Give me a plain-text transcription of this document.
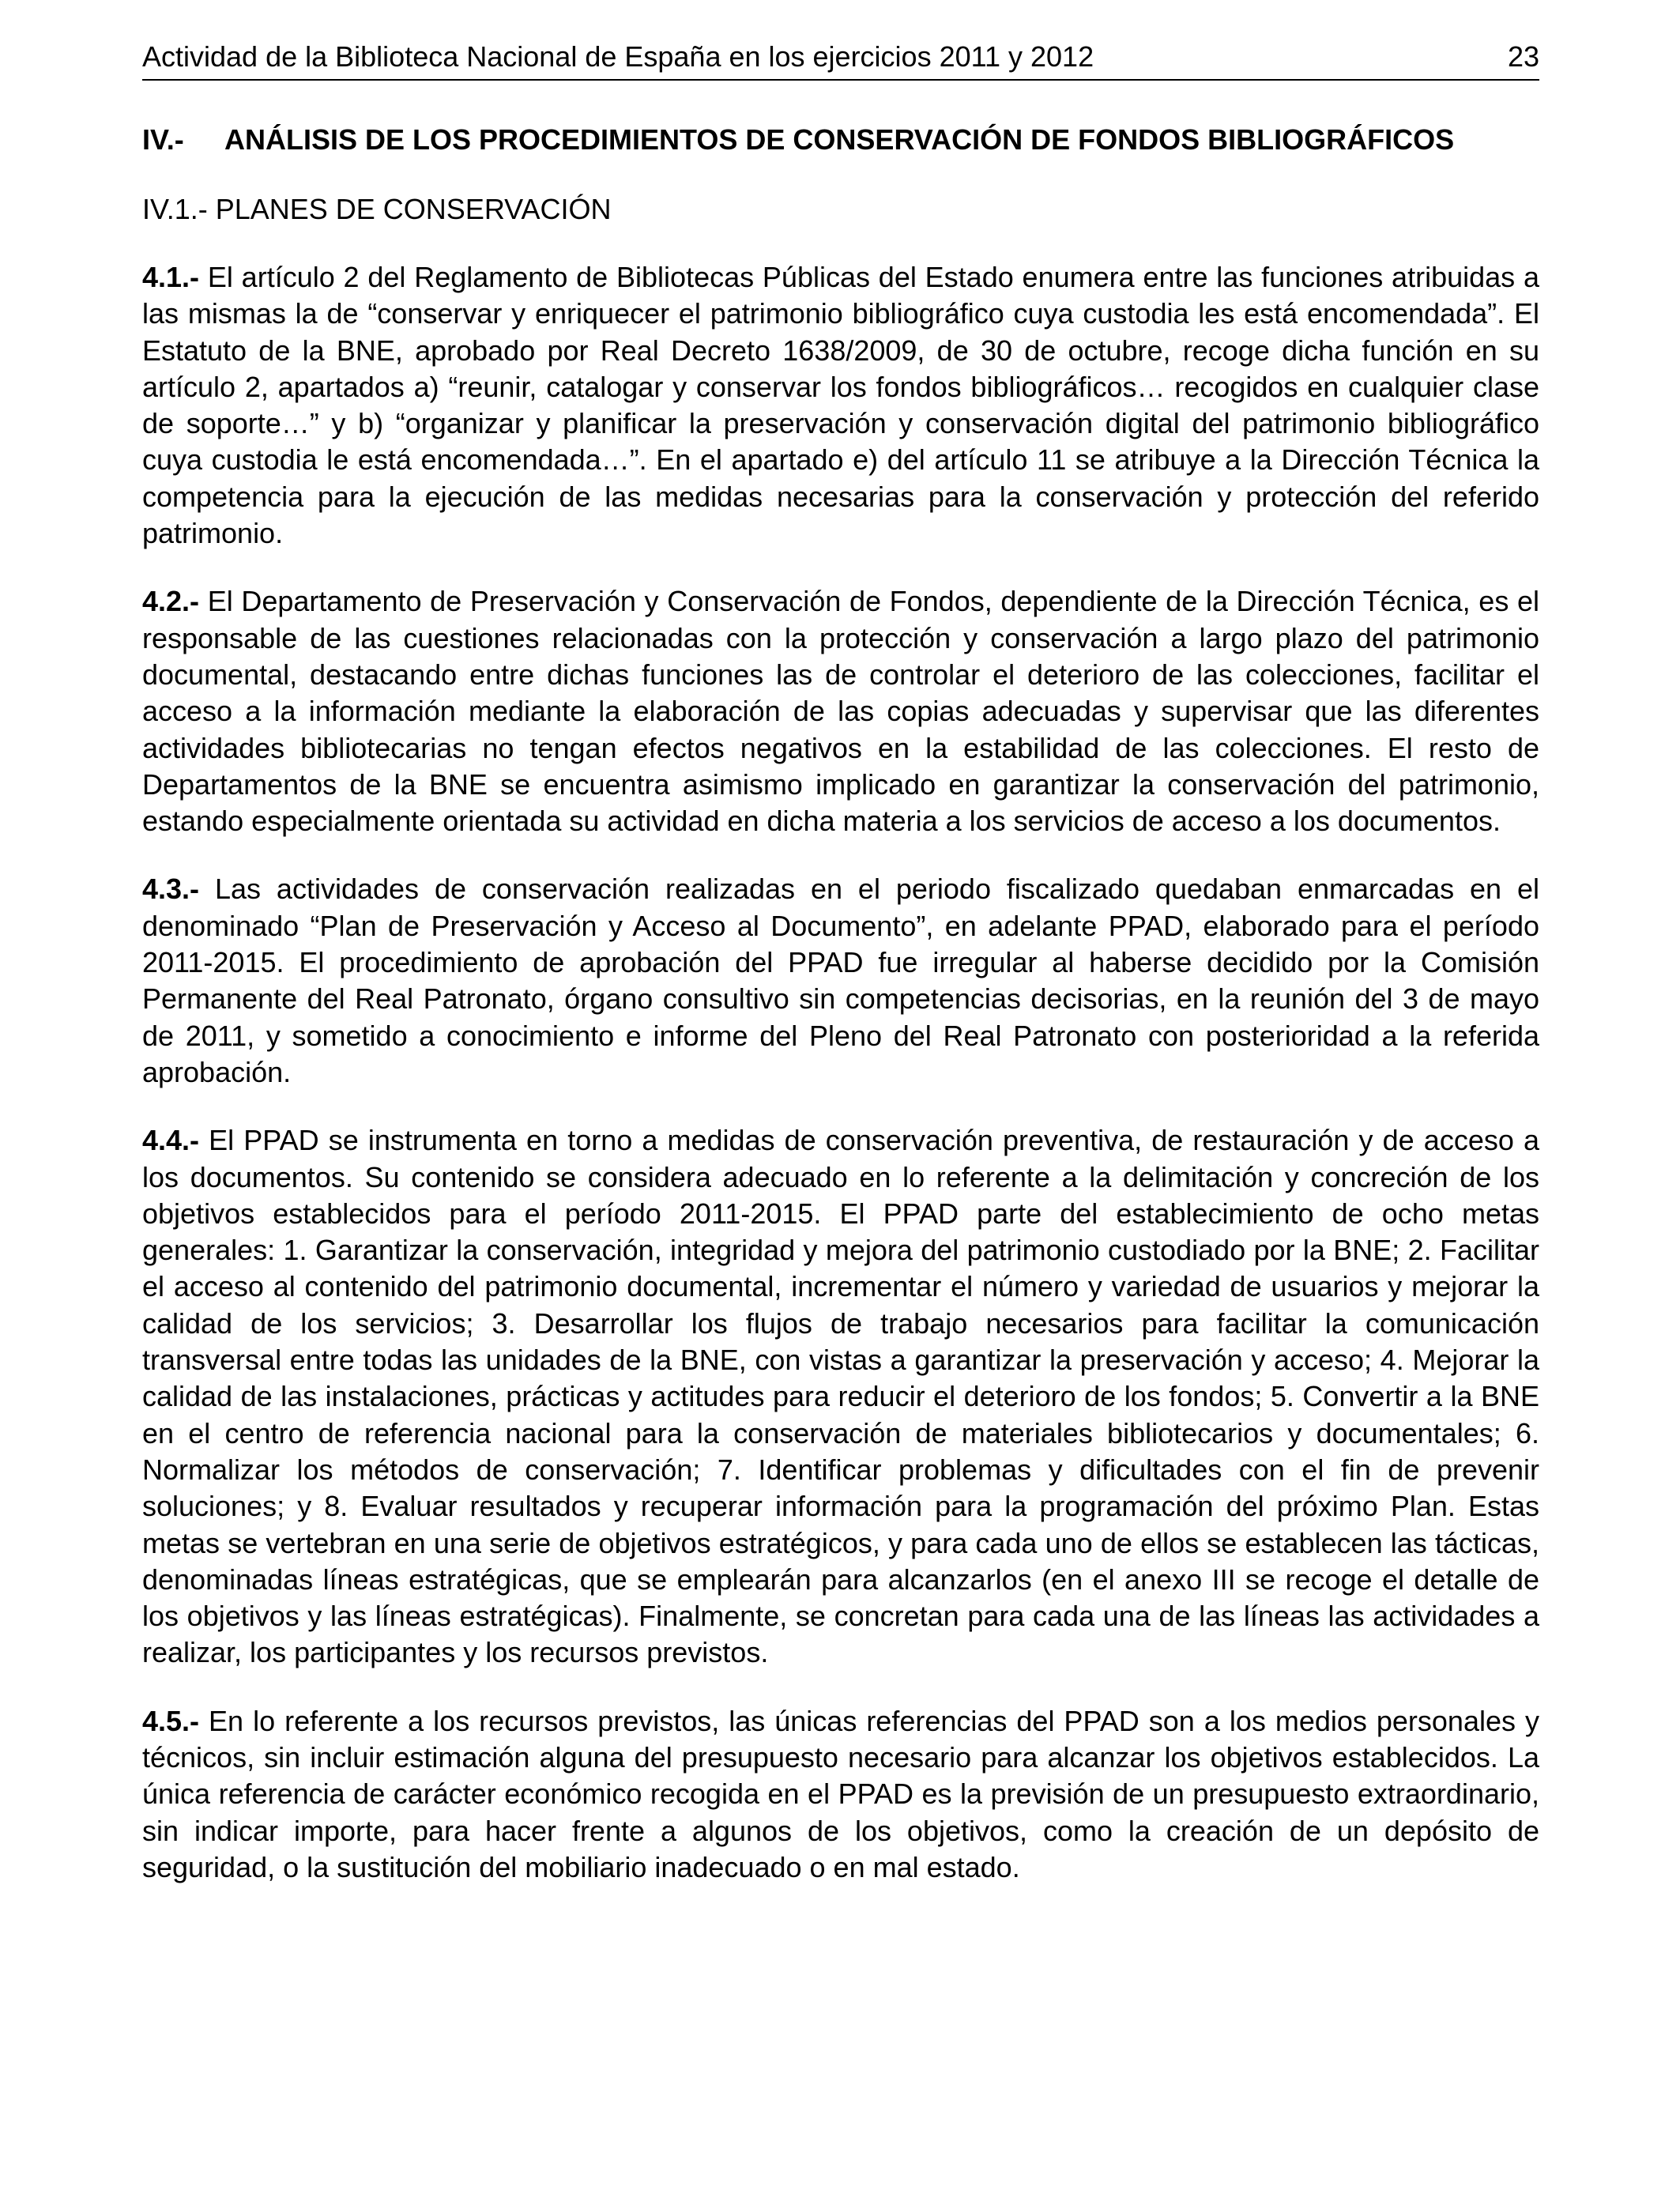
Actividad de la Biblioteca Nacional de España en los ejercicios 2011 y 2012	23
IV.-	ANÁLISIS DE LOS PROCEDIMIENTOS DE CONSERVACIÓN DE FONDOS BIBLIOGRÁFICOS
IV.1.- PLANES DE CONSERVACIÓN

4.1.- El artículo 2 del Reglamento de Bibliotecas Públicas del Estado enumera entre las funciones atribuidas a las mismas la de “conservar y enriquecer el patrimonio bibliográfico cuya custodia les está encomendada”. El Estatuto de la BNE, aprobado por Real Decreto 1638/2009, de 30 de octubre, recoge dicha función en su artículo 2, apartados a) “reunir, catalogar y conservar los fondos bibliográficos… recogidos en cualquier clase de soporte…” y b) “organizar y planificar la preservación y conservación digital del patrimonio bibliográfico cuya custodia le está encomendada…”. En el apartado e) del artículo 11 se atribuye a la Dirección Técnica la competencia para la ejecución de las medidas necesarias para la conservación y protección del referido patrimonio.

4.2.- El Departamento de Preservación y Conservación de Fondos, dependiente de la Dirección Técnica, es el responsable de las cuestiones relacionadas con la protección y conservación a largo plazo del patrimonio documental, destacando entre dichas funciones las de controlar el deterioro de las colecciones, facilitar el acceso a la información mediante la elaboración de las copias adecuadas y supervisar que las diferentes actividades bibliotecarias no tengan efectos negativos en la estabilidad de las colecciones. El resto de Departamentos de la BNE se encuentra asimismo implicado en garantizar la conservación del patrimonio, estando especialmente orientada su actividad en dicha materia a los servicios de acceso a los documentos.

4.3.- Las actividades de conservación realizadas en el periodo fiscalizado quedaban enmarcadas en el denominado “Plan de Preservación y Acceso al Documento”, en adelante PPAD, elaborado para el período 2011-2015. El procedimiento de aprobación del PPAD fue irregular al haberse decidido por la Comisión Permanente del Real Patronato, órgano consultivo sin competencias decisorias, en la reunión del 3 de mayo de 2011, y sometido a conocimiento e informe del Pleno del Real Patronato con posterioridad a la referida aprobación.

4.4.- El PPAD se instrumenta en torno a medidas de conservación preventiva, de restauración y de acceso a los documentos. Su contenido se considera adecuado en lo referente a la delimitación y concreción de los objetivos establecidos para el período 2011-2015. El PPAD parte del establecimiento de ocho metas generales: 1. Garantizar la conservación, integridad y mejora del patrimonio custodiado por la BNE; 2. Facilitar el acceso al contenido del patrimonio documental, incrementar el número y variedad de usuarios y mejorar la calidad de los servicios; 3. Desarrollar los flujos de trabajo necesarios para facilitar la comunicación transversal entre todas las unidades de la BNE, con vistas a garantizar la preservación y acceso; 4. Mejorar la calidad de las instalaciones, prácticas y actitudes para reducir el deterioro de los fondos; 5. Convertir a la BNE en el centro de referencia nacional para la conservación de materiales bibliotecarios y documentales; 6. Normalizar los métodos de conservación; 7. Identificar problemas y dificultades con el fin de prevenir soluciones; y 8. Evaluar resultados y recuperar información para la programación del próximo Plan. Estas metas se vertebran en una serie de objetivos estratégicos, y para cada uno de ellos se establecen las tácticas, denominadas líneas estratégicas, que se emplearán para alcanzarlos (en el anexo III se recoge el detalle de los objetivos y las líneas estratégicas). Finalmente, se concretan para cada una de las líneas las actividades a realizar, los participantes y los recursos previstos.

4.5.- En lo referente a los recursos previstos, las únicas referencias del PPAD son a los medios personales y técnicos, sin incluir estimación alguna del presupuesto necesario para alcanzar los objetivos establecidos. La única referencia de carácter económico recogida en el PPAD es la previsión de un presupuesto extraordinario, sin indicar importe, para hacer frente a algunos de los objetivos, como la creación de un depósito de seguridad, o la sustitución del mobiliario inadecuado o en mal estado.
